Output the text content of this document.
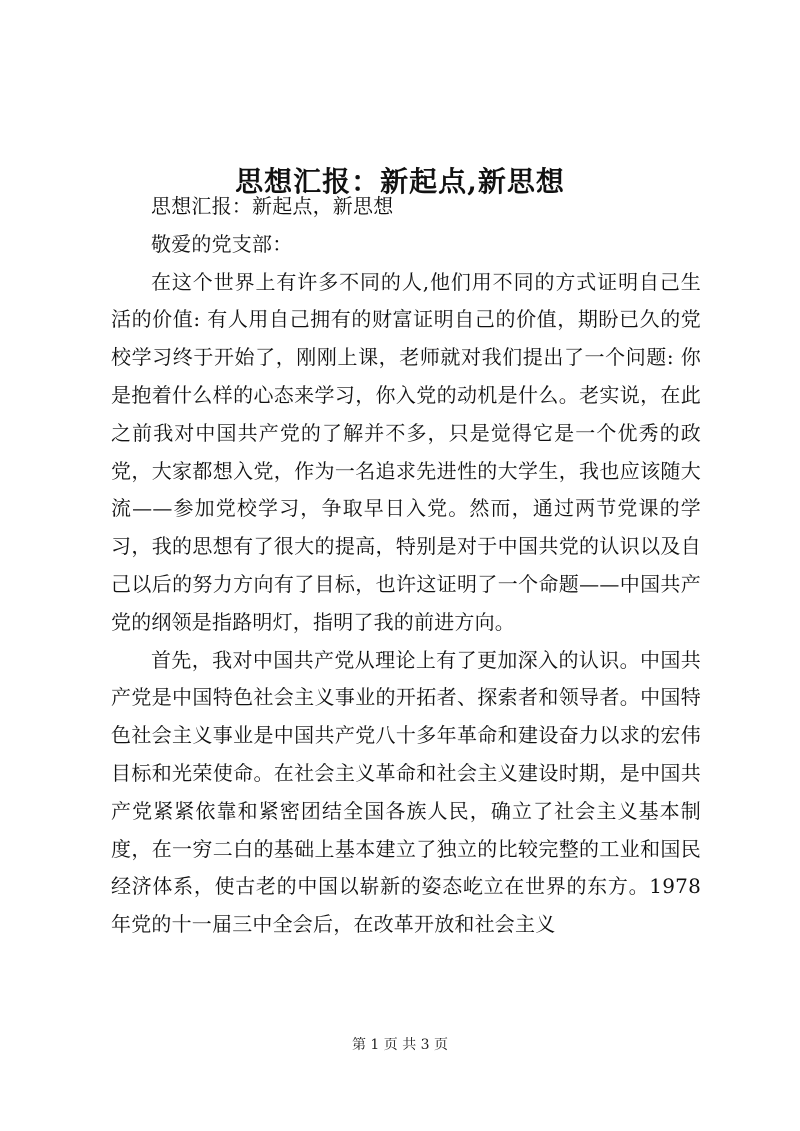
思想汇报：新起点,新思想

思想汇报：新起点，新思想

敬爱的党支部：

在这个世界上有许多不同的人,他们用不同的方式证明自己生活的价值: 有人用自己拥有的财富证明自己的价值，期盼已久的党校学习终于开始了，刚刚上课，老师就对我们提出了一个问题: 你是抱着什么样的心态来学习，你入党的动机是什么。老实说，在此之前我对中国共产党的了解并不多，只是觉得它是一个优秀的政党，大家都想入党，作为一名追求先进性的大学生，我也应该随大流——参加党校学习，争取早日入党。然而，通过两节党课的学习，我的思想有了很大的提高，特别是对于中国共党的认识以及自己以后的努力方向有了目标，也许这证明了一个命题——中国共产党的纲领是指路明灯，指明了我的前进方向。

首先，我对中国共产党从理论上有了更加深入的认识。中国共产党是中国特色社会主义事业的开拓者、探索者和领导者。中国特色社会主义事业是中国共产党八十多年革命和建设奋力以求的宏伟目标和光荣使命。在社会主义革命和社会主义建设时期，是中国共产党紧紧依靠和紧密团结全国各族人民，确立了社会主义基本制度，在一穷二白的基础上基本建立了独立的比较完整的工业和国民经济体系，使古老的中国以崭新的姿态屹立在世界的东方。1978 年党的十一届三中全会后，在改革开放和社会主义

第 1 页 共 3 页
